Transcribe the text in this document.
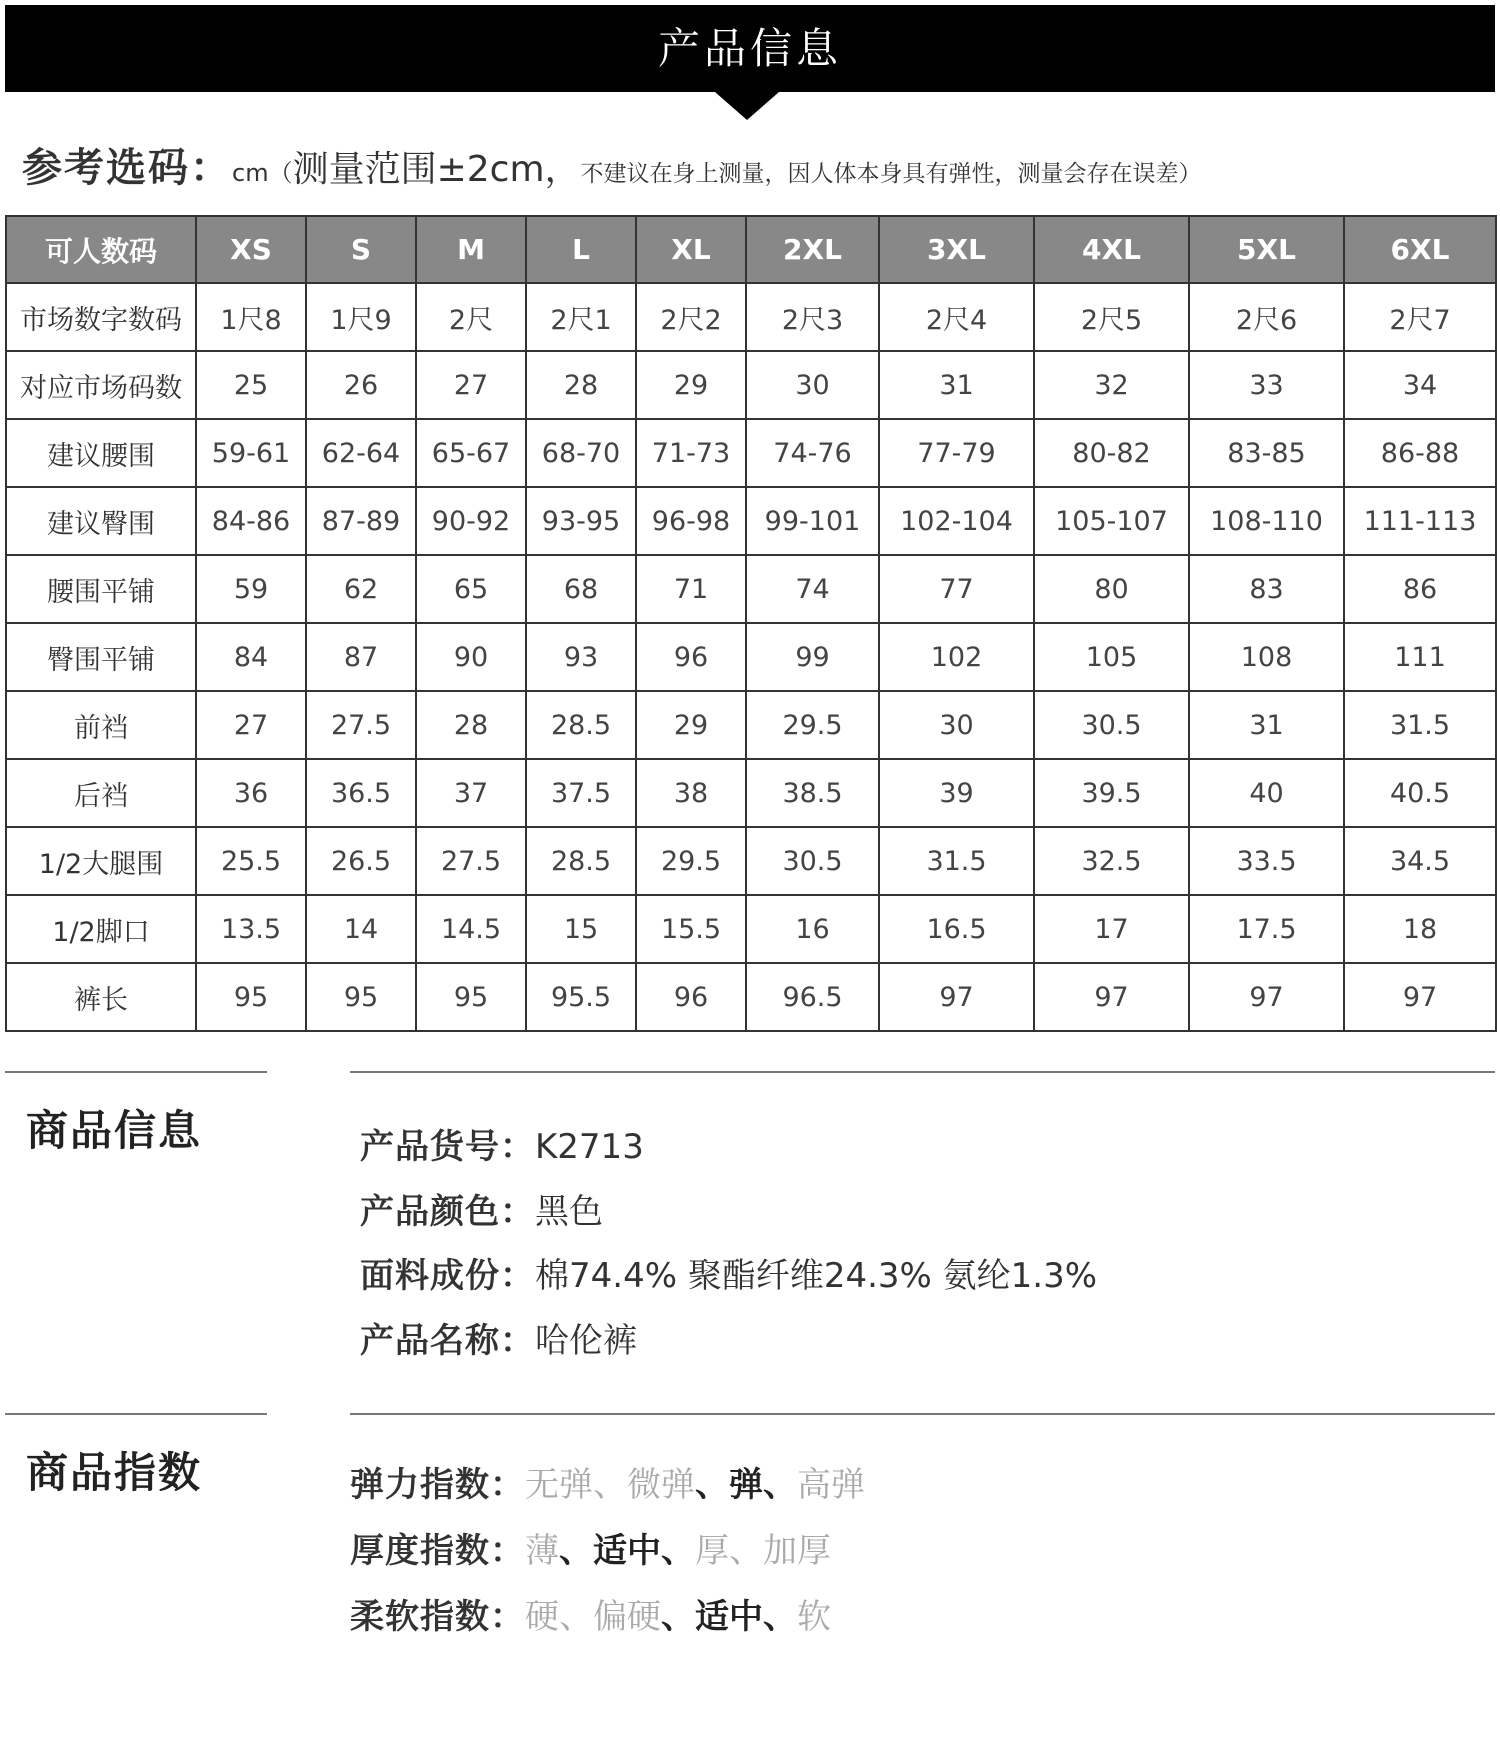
产品信息
参考选码：cm（测量范围±2cm，不建议在身上测量，因人体本身具有弹性，测量会存在误差）
可人数码	XS	S	M	L	XL	2XL	3XL	4XL	5XL	6XL
市场数字数码	1尺8	1尺9	2尺	2尺1	2尺2	2尺3	2尺4	2尺5	2尺6	2尺7
对应市场码数	25	26	27	28	29	30	31	32	33	34
建议腰围	59-61	62-64	65-67	68-70	71-73	74-76	77-79	80-82	83-85	86-88
建议臀围	84-86	87-89	90-92	93-95	96-98	99-101	102-104	105-107	108-110	111-113
腰围平铺	59	62	65	68	71	74	77	80	83	86
臀围平铺	84	87	90	93	96	99	102	105	108	111
前裆	27	27.5	28	28.5	29	29.5	30	30.5	31	31.5
后裆	36	36.5	37	37.5	38	38.5	39	39.5	40	40.5
1/2大腿围	25.5	26.5	27.5	28.5	29.5	30.5	31.5	32.5	33.5	34.5
1/2脚口	13.5	14	14.5	15	15.5	16	16.5	17	17.5	18
裤长	95	95	95	95.5	96	96.5	97	97	97	97
商品信息	产品货号：K2713
产品颜色：黑色
面料成份：棉74.4% 聚酯纤维24.3% 氨纶1.3%
产品名称：哈伦裤
商品指数	弹力指数：无弹、微弹、弹、高弹
厚度指数：薄、适中、厚、加厚
柔软指数：硬、偏硬、适中、软
